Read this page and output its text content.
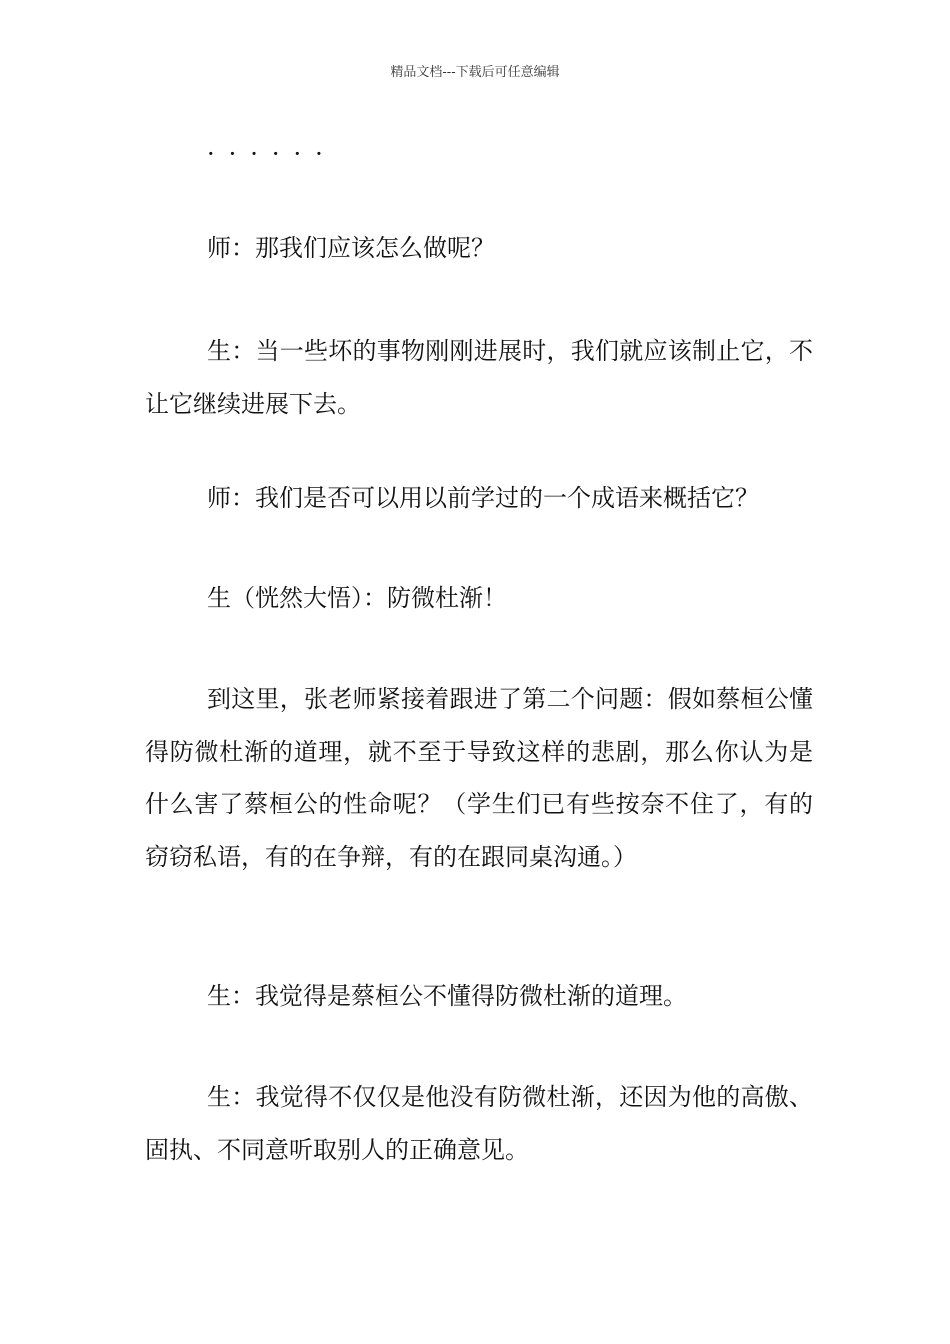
精品文档---下载后可任意编辑
······

师：那我们应该怎么做呢？

生：当一些坏的事物刚刚进展时，我们就应该制止它，不让它继续进展下去。

师：我们是否可以用以前学过的一个成语来概括它？

生（恍然大悟）：防微杜渐！

到这里，张老师紧接着跟进了第二个问题：假如蔡桓公懂得防微杜渐的道理，就不至于导致这样的悲剧，那么你认为是什么害了蔡桓公的性命呢？（学生们已有些按奈不住了，有的窃窃私语，有的在争辩，有的在跟同桌沟通。）

生：我觉得是蔡桓公不懂得防微杜渐的道理。

生：我觉得不仅仅是他没有防微杜渐，还因为他的高傲、固执、不同意听取别人的正确意见。
